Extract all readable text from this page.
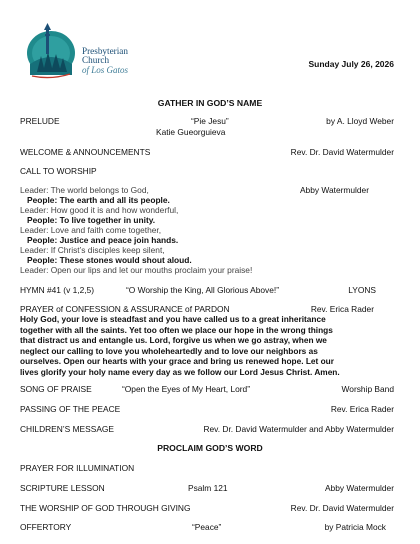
Presbyterian
Church
of Los Gatos
Sunday July 26, 2026
GATHER IN GOD’S NAME
PRELUDE	“Pie Jesu”	by A. Lloyd Weber
Katie Gueorguieva
WELCOME & ANNOUNCEMENTS	Rev. Dr. David Watermulder
CALL TO WORSHIP
Abby Watermulder
Leader: The world belongs to God,
People: The earth and all its people.
Leader: How good it is and how wonderful,
People: To live together in unity.
Leader: Love and faith come together,
People: Justice and peace join hands.
Leader: If Christ’s disciples keep silent,
People: These stones would shout aloud.
Leader: Open our lips and let our mouths proclaim your praise!
HYMN #41 (v 1,2,5)	“O Worship the King, All Glorious Above!”	LYONS
PRAYER of CONFESSION & ASSURANCE of PARDON	Rev. Erica Rader
Holy God, your love is steadfast and you have called us to a great inheritance
together with all the saints. Yet too often we place our hope in the wrong things
that distract us and entangle us. Lord, forgive us when we go astray, when we
neglect our calling to love you wholeheartedly and to love our neighbors as
ourselves. Open our hearts with your grace and bring us renewed hope. Let our
lives glorify your holy name every day as we follow our Lord Jesus Christ. Amen.
SONG OF PRAISE	“Open the Eyes of My Heart, Lord”	Worship Band
PASSING OF THE PEACE	Rev. Erica Rader
CHILDREN’S MESSAGE	Rev. Dr. David Watermulder and Abby Watermulder
PROCLAIM GOD’S WORD
PRAYER FOR ILLUMINATION
SCRIPTURE LESSON	Psalm 121	Abby Watermulder
THE WORSHIP OF GOD THROUGH GIVING	Rev. Dr. David Watermulder
OFFERTORY	“Peace”	by Patricia Mock
